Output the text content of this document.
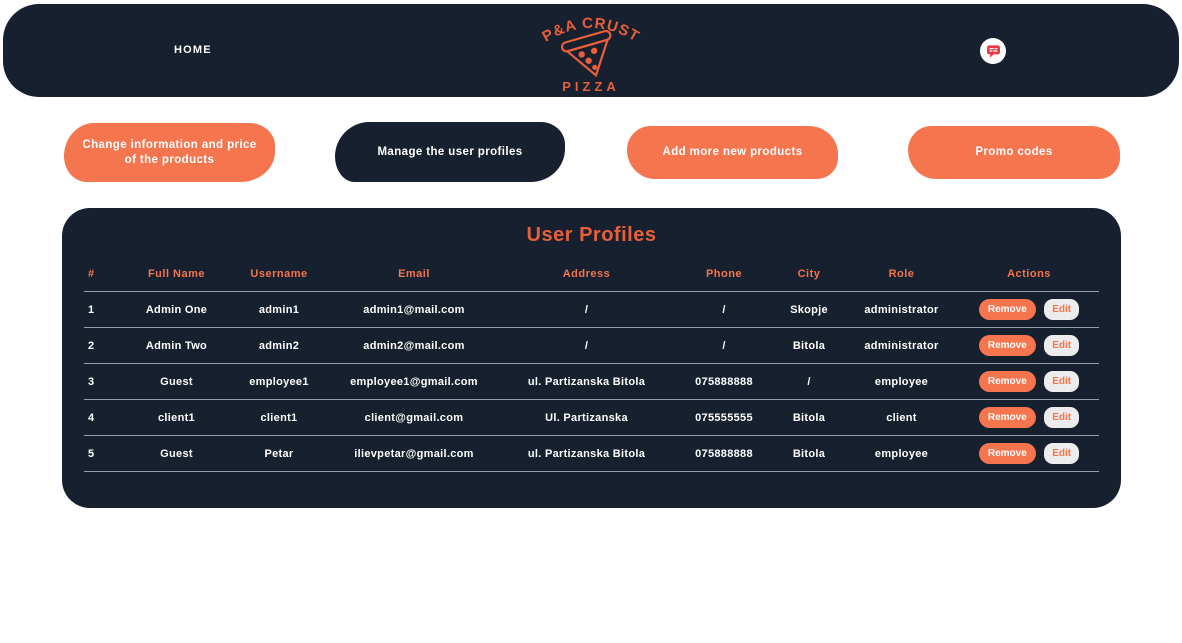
HOME
P&A CRUST
PIZZA
Change information and price of the products
Manage the user profiles	Add more new products	Promo codes
User Profiles
#	Full Name	Username	Email	Address	Phone	City	Role	Actions
1	Admin One	admin1	admin1@mail.com	/	/	Skopje	administrator	Remove Edit
2	Admin Two	admin2	admin2@mail.com	/	/	Bitola	administrator	Remove Edit
3	Guest	employee1	employee1@gmail.com	ul. Partizanska Bitola	075888888	/	employee	Remove Edit
4	client1	client1	client@gmail.com	Ul. Partizanska	075555555	Bitola	client	Remove Edit
5	Guest	Petar	ilievpetar@gmail.com	ul. Partizanska Bitola	075888888	Bitola	employee	Remove Edit
